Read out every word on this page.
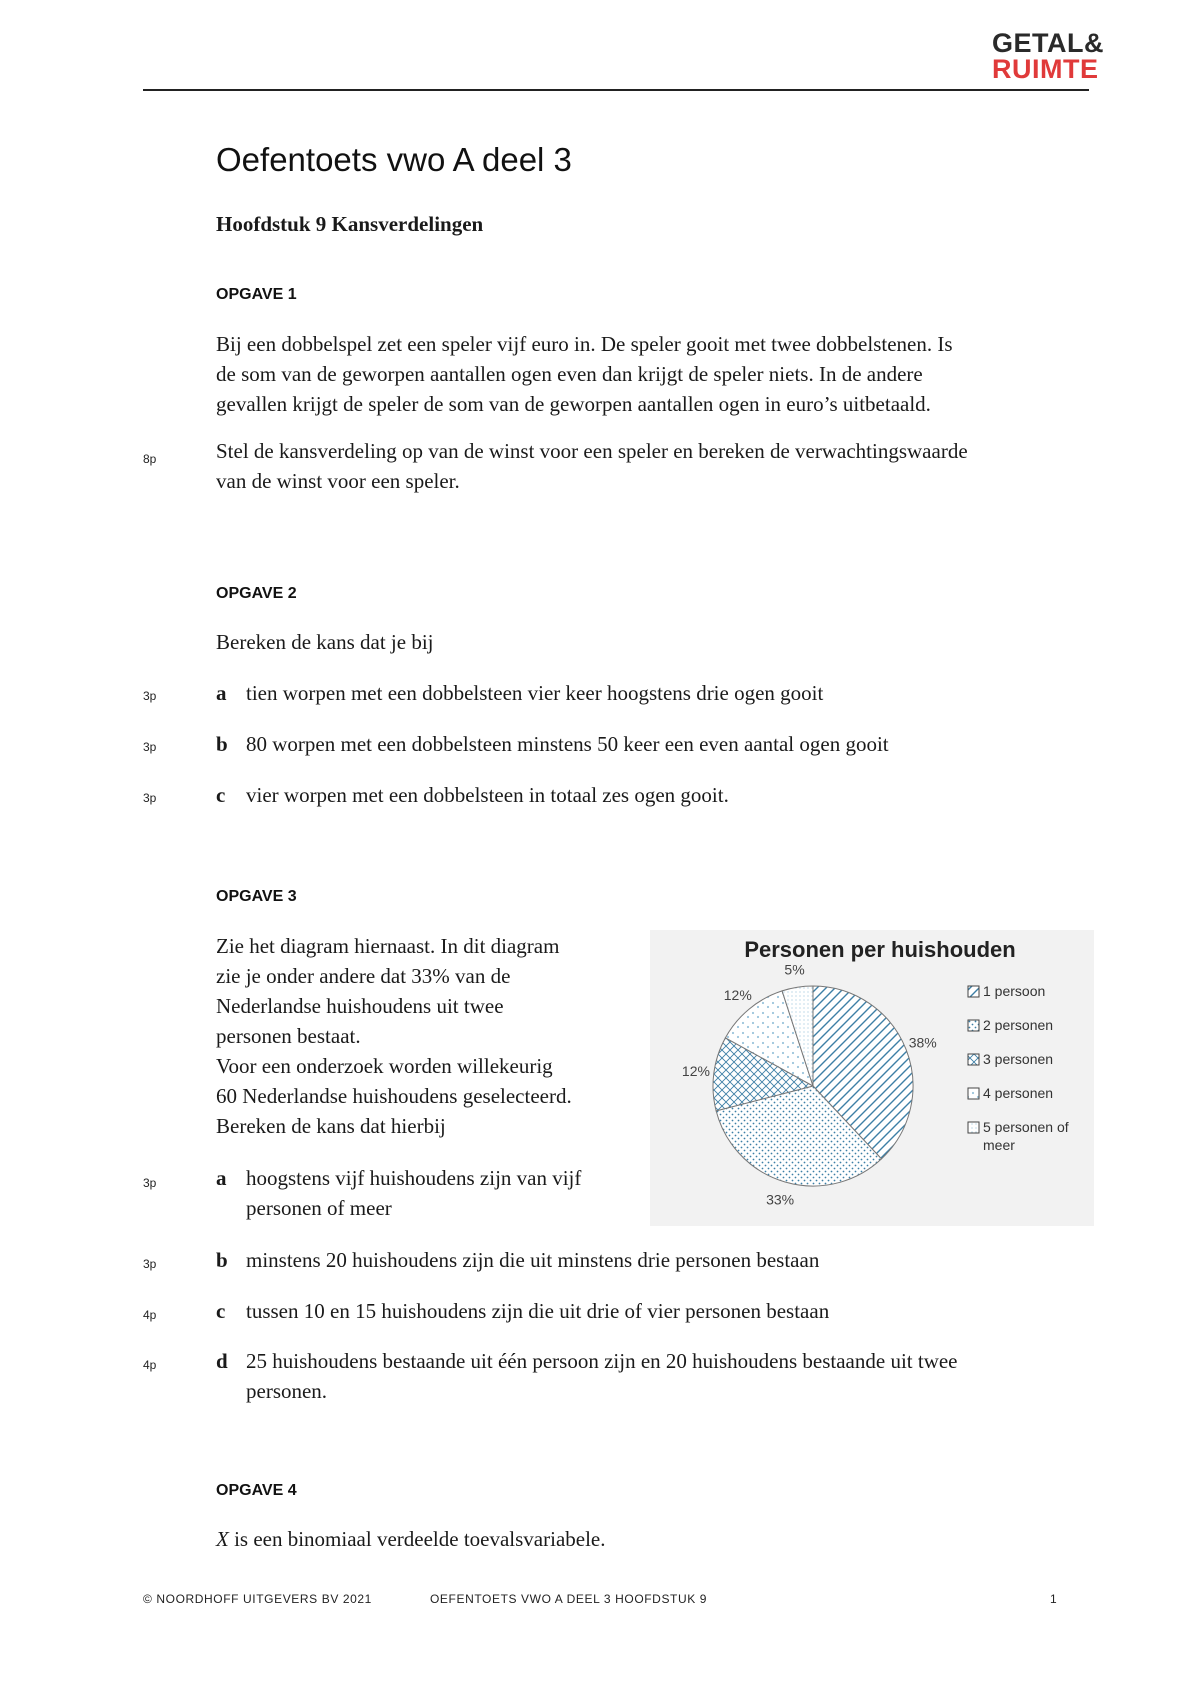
GETAL&
RUIMTE
Oefentoets vwo A deel 3
Hoofdstuk 9 Kansverdelingen
OPGAVE 1
Bij een dobbelspel zet een speler vijf euro in. De speler gooit met twee dobbelstenen. Is
de som van de geworpen aantallen ogen even dan krijgt de speler niets. In de andere
gevallen krijgt de speler de som van de geworpen aantallen ogen in euro’s uitbetaald.
8p	Stel de kansverdeling op van de winst voor een speler en bereken de verwachtingswaarde
van de winst voor een speler.
OPGAVE 2
Bereken de kans dat je bij
3p	a tien worpen met een dobbelsteen vier keer hoogstens drie ogen gooit
3p	b 80 worpen met een dobbelsteen minstens 50 keer een even aantal ogen gooit
3p	c vier worpen met een dobbelsteen in totaal zes ogen gooit.
OPGAVE 3
Zie het diagram hiernaast. In dit diagram
zie je onder andere dat 33% van de
Nederlandse huishoudens uit twee
personen bestaat.
Voor een onderzoek worden willekeurig
60 Nederlandse huishoudens geselecteerd.
Bereken de kans dat hierbij
3p	a hoogstens vijf huishoudens zijn van vijf
personen of meer
3p	b minstens 20 huishoudens zijn die uit minstens drie personen bestaan
4p	c tussen 10 en 15 huishoudens zijn die uit drie of vier personen bestaan
4p	d 25 huishoudens bestaande uit één persoon zijn en 20 huishoudens bestaande uit twee
personen.
Personen per huishouden
38%
33%
12%
12%
5%
1 persoon
2 personen
3 personen
4 personen
5 personen of
meer
OPGAVE 4
X is een binomiaal verdeelde toevalsvariabele.
© NOORDHOFF UITGEVERS BV 2021	OEFENTOETS VWO A DEEL 3 HOOFDSTUK 9	1
